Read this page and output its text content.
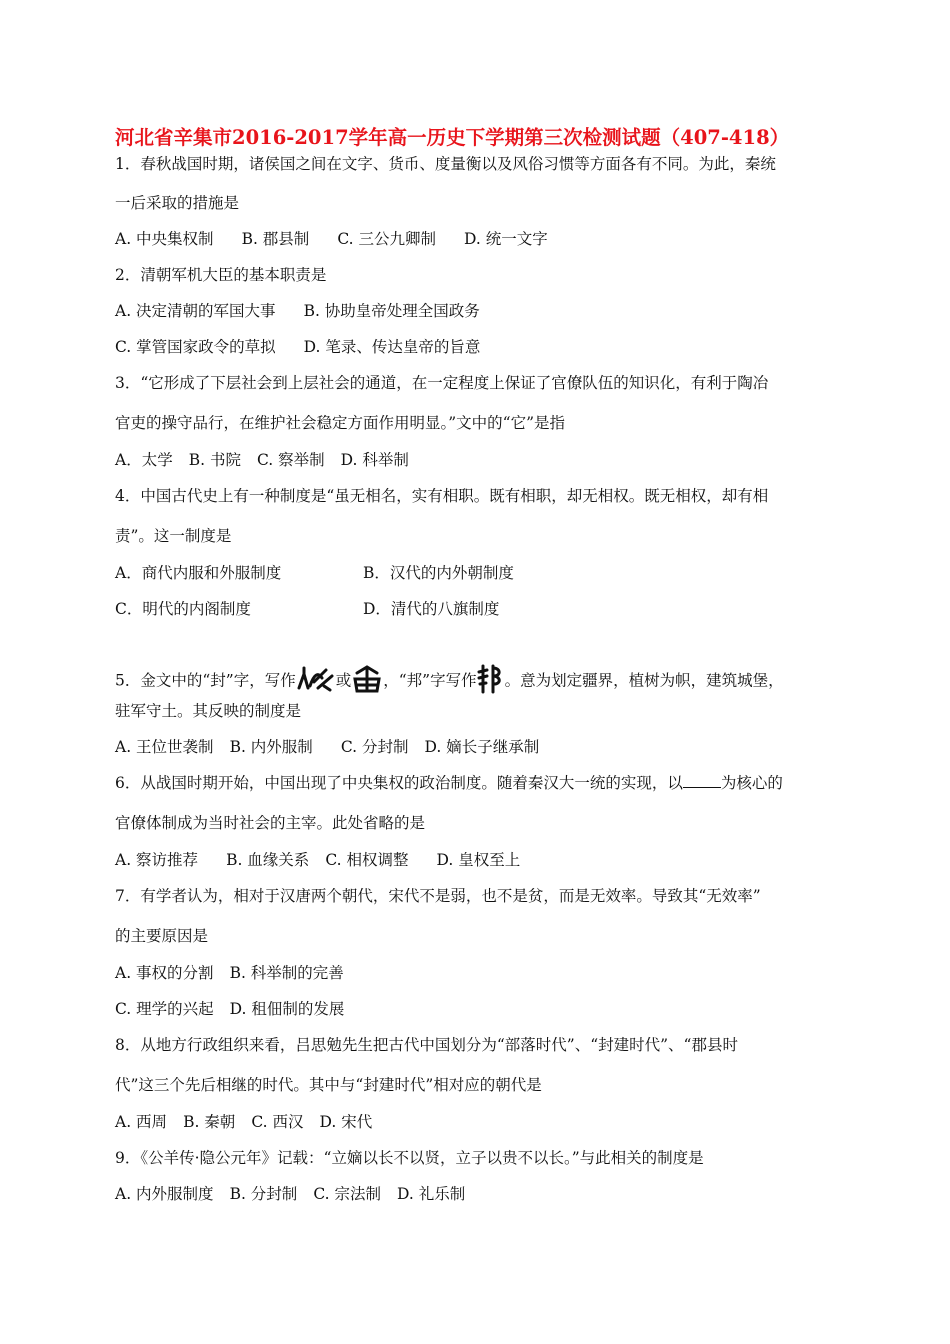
河北省辛集市2016-2017学年高一历史下学期第三次检测试题（407-418）
1．春秋战国时期，诸侯国之间在文字、货币、度量衡以及风俗习惯等方面各有不同。为此，秦统
一后采取的措施是
A. 中央集权制 B. 郡县制 C. 三公九卿制 D. 统一文字
2．清朝军机大臣的基本职责是
A. 决定清朝的军国大事 B. 协助皇帝处理全国政务
C. 掌管国家政令的草拟 D. 笔录、传达皇帝的旨意
3．“它形成了下层社会到上层社会的通道，在一定程度上保证了官僚队伍的知识化，有利于陶冶
官吏的操守品行，在维护社会稳定方面作用明显。”文中的“它”是指
A．太学 B. 书院 C. 察举制 D. 科举制
4．中国古代史上有一种制度是“虽无相名，实有相职。既有相职，却无相权。既无相权，却有相
责”。这一制度是
A．商代内服和外服制度	B．汉代的内外朝制度
C．明代的内阁制度	D．清代的八旗制度
5．金文中的“封”字，写作	或 ，“邦”字写作 。意为划定疆界，植树为帜，建筑城堡，
驻军守土。其反映的制度是
A. 王位世袭制 B. 内外服制 C. 分封制 D. 嫡长子继承制
6．从战国时期开始，中国出现了中央集权的政治制度。随着秦汉大一统的实现，以 为核心的
官僚体制成为当时社会的主宰。此处省略的是
A. 察访推荐 B. 血缘关系 C. 相权调整 D. 皇权至上
7．有学者认为，相对于汉唐两个朝代，宋代不是弱，也不是贫，而是无效率。导致其“无效率”
的主要原因是
A. 事权的分割 B. 科举制的完善
C. 理学的兴起 D. 租佃制的发展
8．从地方行政组织来看，吕思勉先生把古代中国划分为“部落时代”、“封建时代”、“郡县时
代”这三个先后相继的时代。其中与“封建时代”相对应的朝代是
A. 西周 B. 秦朝 C. 西汉 D. 宋代
9．《公羊传·隐公元年》记载：“立嫡以长不以贤，立子以贵不以长。”与此相关的制度是
A. 内外服制度 B. 分封制 C. 宗法制 D. 礼乐制
